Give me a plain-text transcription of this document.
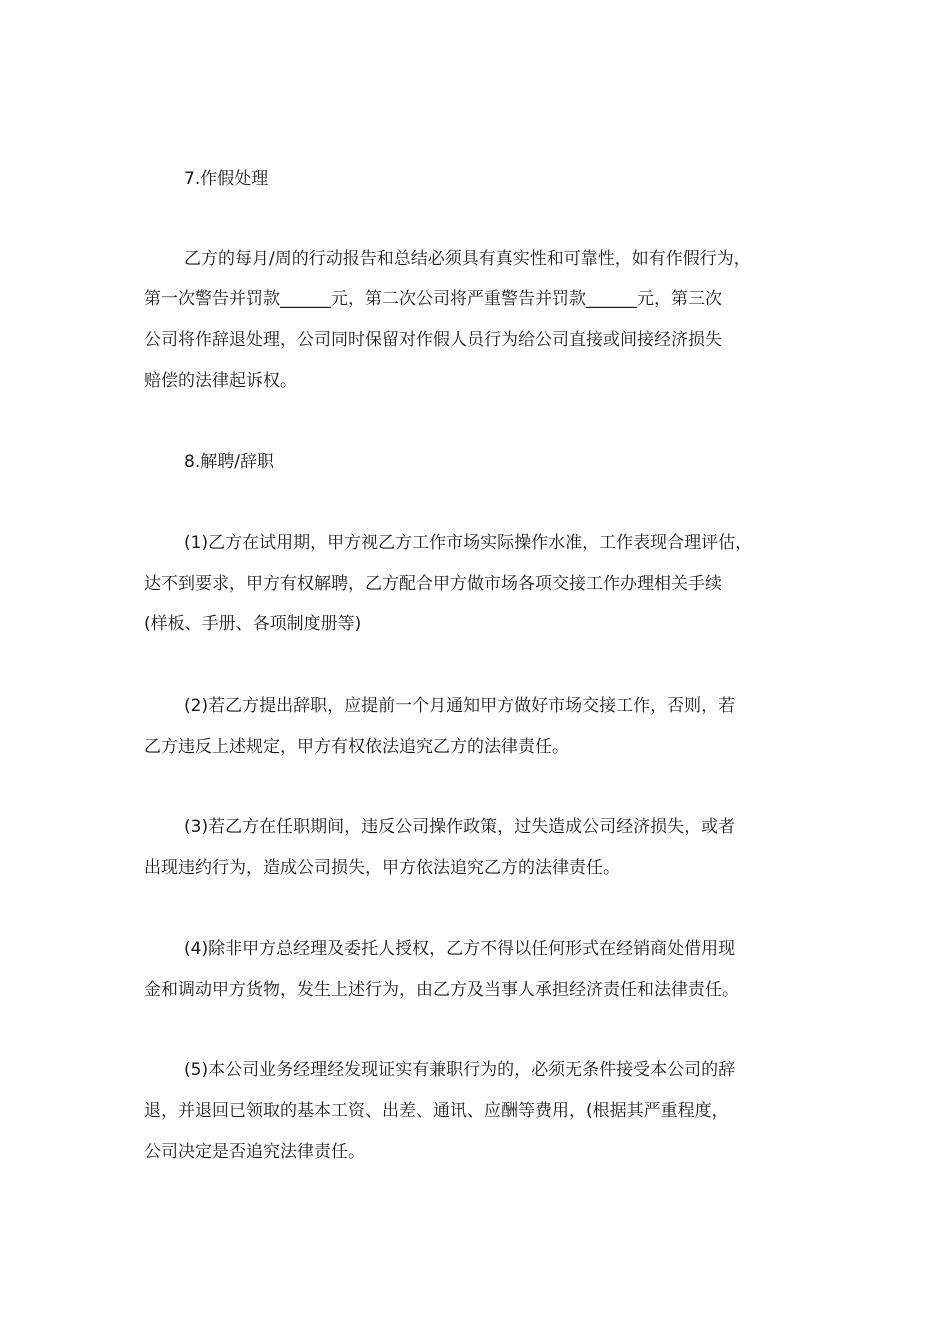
7.作假处理
乙方的每月/周的行动报告和总结必须具有真实性和可靠性，如有作假行为，
第一次警告并罚款______元，第二次公司将严重警告并罚款______元，第三次
公司将作辞退处理，公司同时保留对作假人员行为给公司直接或间接经济损失
赔偿的法律起诉权。
8.解聘/辞职
(1)乙方在试用期，甲方视乙方工作市场实际操作水准，工作表现合理评估，
达不到要求，甲方有权解聘，乙方配合甲方做市场各项交接工作办理相关手续
(样板、手册、各项制度册等)
(2)若乙方提出辞职，应提前一个月通知甲方做好市场交接工作，否则，若
乙方违反上述规定，甲方有权依法追究乙方的法律责任。
(3)若乙方在任职期间，违反公司操作政策，过失造成公司经济损失，或者
出现违约行为，造成公司损失，甲方依法追究乙方的法律责任。
(4)除非甲方总经理及委托人授权，乙方不得以任何形式在经销商处借用现
金和调动甲方货物，发生上述行为，由乙方及当事人承担经济责任和法律责任。
(5)本公司业务经理经发现证实有兼职行为的，必须无条件接受本公司的辞
退，并退回已领取的基本工资、出差、通讯、应酬等费用，(根据其严重程度，
公司决定是否追究法律责任。
